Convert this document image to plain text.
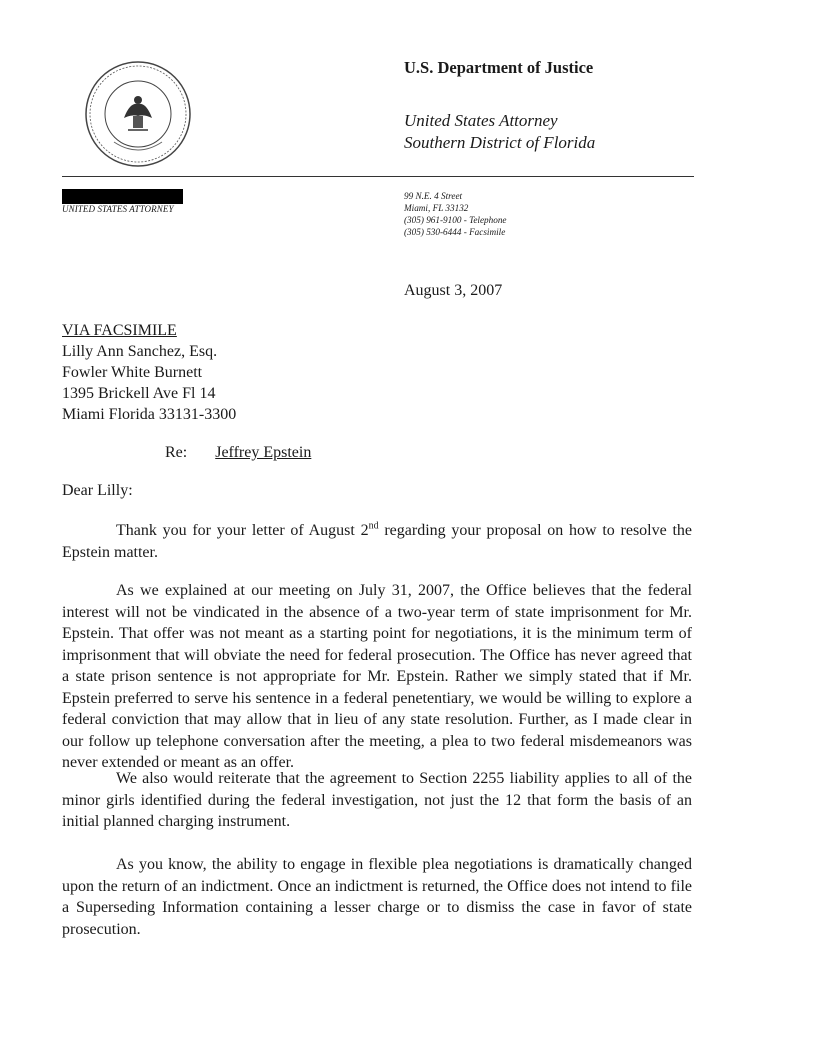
U.S. Department of Justice
United States Attorney
Southern District of Florida
UNITED STATES ATTORNEY
99 N.E. 4 Street
Miami, FL 33132
(305) 961-9100 - Telephone
(305) 530-6444 - Facsimile
August 3, 2007
VIA FACSIMILE
Lilly Ann Sanchez, Esq.
Fowler White Burnett
1395 Brickell Ave Fl 14
Miami Florida 33131-3300
Re: Jeffrey Epstein
Dear Lilly:

Thank you for your letter of August 2nd regarding your proposal on how to resolve the Epstein matter.

As we explained at our meeting on July 31, 2007, the Office believes that the federal interest will not be vindicated in the absence of a two-year term of state imprisonment for Mr. Epstein. That offer was not meant as a starting point for negotiations, it is the minimum term of imprisonment that will obviate the need for federal prosecution. The Office has never agreed that a state prison sentence is not appropriate for Mr. Epstein. Rather we simply stated that if Mr. Epstein preferred to serve his sentence in a federal penetentiary, we would be willing to explore a federal conviction that may allow that in lieu of any state resolution. Further, as I made clear in our follow up telephone conversation after the meeting, a plea to two federal misdemeanors was never extended or meant as an offer.

We also would reiterate that the agreement to Section 2255 liability applies to all of the minor girls identified during the federal investigation, not just the 12 that form the basis of an initial planned charging instrument.

As you know, the ability to engage in flexible plea negotiations is dramatically changed upon the return of an indictment. Once an indictment is returned, the Office does not intend to file a Superseding Information containing a lesser charge or to dismiss the case in favor of state prosecution.
